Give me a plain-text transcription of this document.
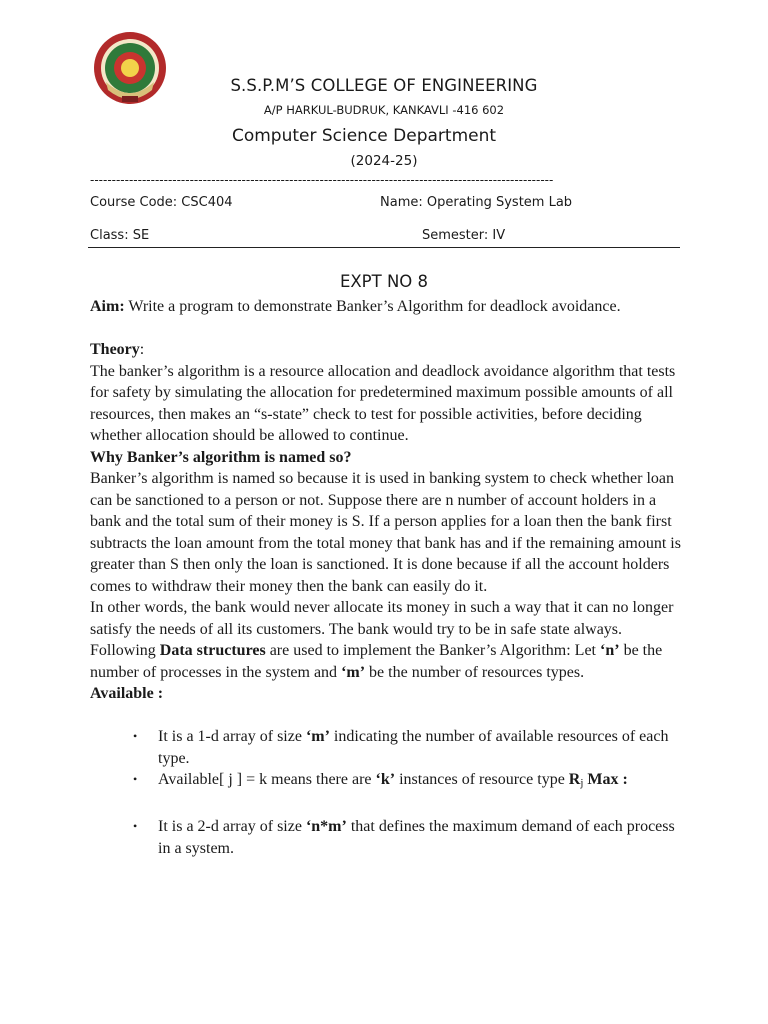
S.S.P.M’S COLLEGE OF ENGINEERING
A/P HARKUL-BUDRUK, KANKAVLI -416 602
Computer Science Department
(2024-25)
-----------------------------------------------------------------------------------------------------------
Course Code: CSC404	Name: Operating System Lab
Class: SE	Semester: IV
EXPT NO 8

Aim: Write a program to demonstrate Banker’s Algorithm for deadlock avoidance.

Theory:

The banker’s algorithm is a resource allocation and deadlock avoidance algorithm that tests for safety by simulating the allocation for predetermined maximum possible amounts of all resources, then makes an “s-state” check to test for possible activities, before deciding whether allocation should be allowed to continue.

Why Banker’s algorithm is named so?

Banker’s algorithm is named so because it is used in banking system to check whether loan can be sanctioned to a person or not. Suppose there are n number of account holders in a bank and the total sum of their money is S. If a person applies for a loan then the bank first subtracts the loan amount from the total money that bank has and if the remaining amount is greater than S then only the loan is sanctioned. It is done because if all the account holders comes to withdraw their money then the bank can easily do it.

In other words, the bank would never allocate its money in such a way that it can no longer satisfy the needs of all its customers. The bank would try to be in safe state always.

Following Data structures are used to implement the Banker’s Algorithm: Let ‘n’ be the number of processes in the system and ‘m’ be the number of resources types.

Available :

• It is a 1-d array of size ‘m’ indicating the number of available resources of each type.
• Available[ j ] = k means there are ‘k’ instances of resource type Rj Max :
• It is a 2-d array of size ‘n*m’ that defines the maximum demand of each process in a system.
